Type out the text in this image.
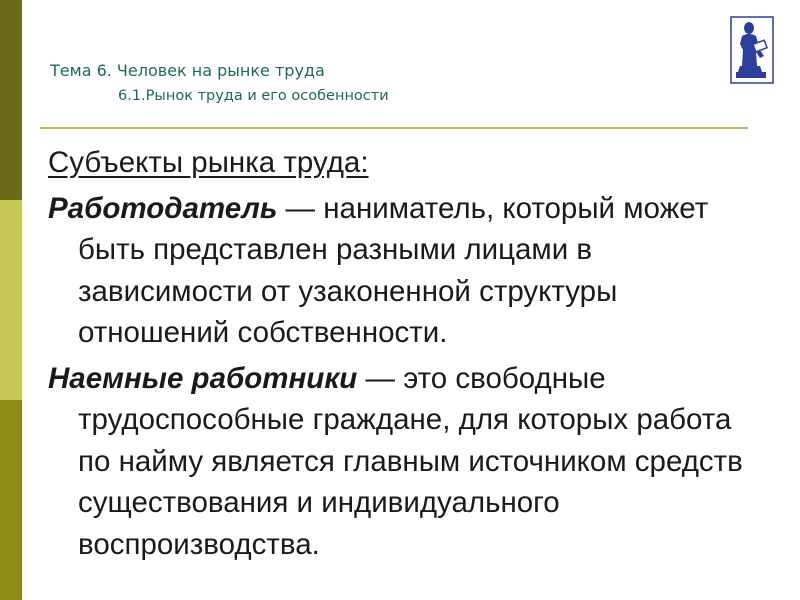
Тема 6. Человек на рынке труда
6.1.Рынок труда и его особенности

Субъекты рынка труда:

Работодатель — наниматель, который может быть представлен разными лицами в зависимости от узаконенной структуры отношений собственности.

Наемные работники — это свободные трудоспособные граждане, для которых работа по найму является главным источником средств существования и индивидуального воспроизводства.
